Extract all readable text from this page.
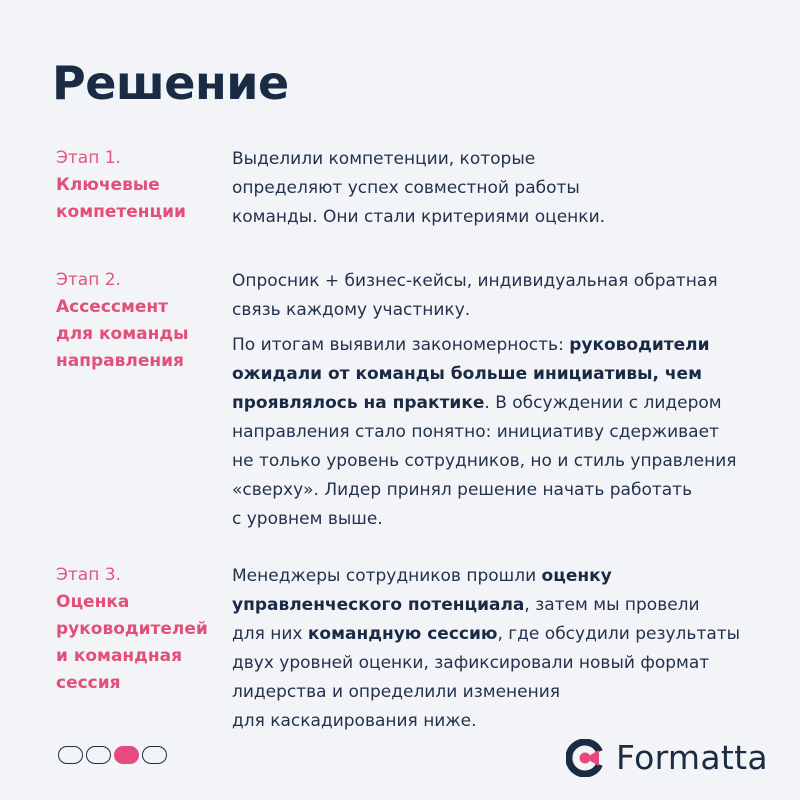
Решение
Этап 1.
Ключевые
компетенции
Выделили компетенции, которые
определяют успех совместной работы
команды. Они стали критериями оценки.
Этап 2.
Ассессмент
для команды
направления
Опросник + бизнес-кейсы, индивидуальная обратная
связь каждому участнику.
По итогам выявили закономерность: руководители
ожидали от команды больше инициативы, чем
проявлялось на практике. В обсуждении с лидером
направления стало понятно: инициативу сдерживает
не только уровень сотрудников, но и стиль управления
«сверху». Лидер принял решение начать работать
с уровнем выше.
Этап 3.
Оценка
руководителей
и командная
сессия
Менеджеры сотрудников прошли оценку
управленческого потенциала, затем мы провели
для них командную сессию, где обсудили результаты
двух уровней оценки, зафиксировали новый формат
лидерства и определили изменения
для каскадирования ниже.
Formatta
